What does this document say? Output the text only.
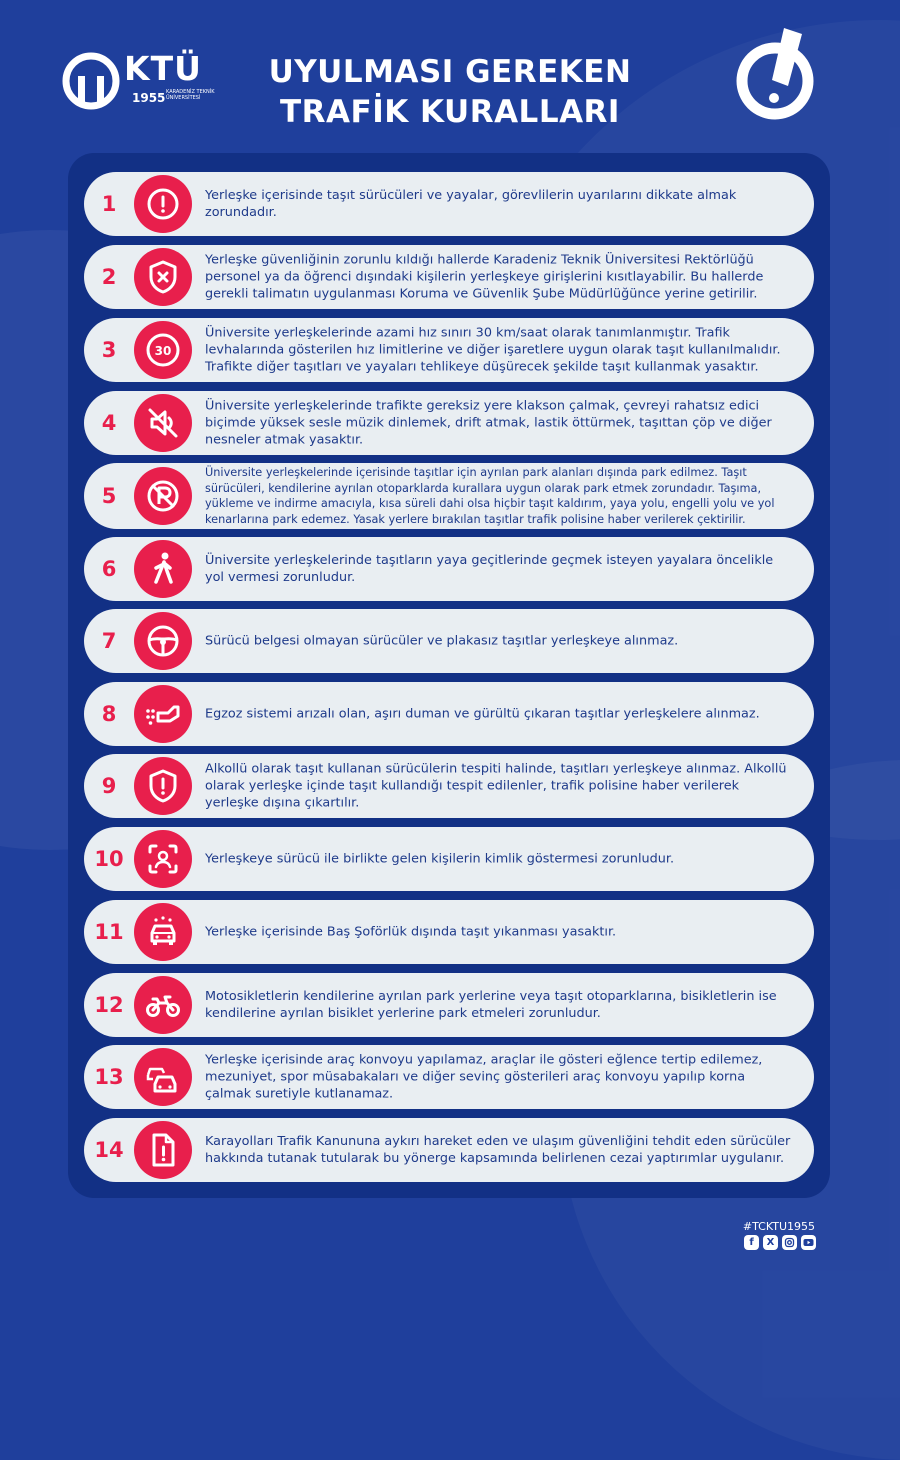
KTÜ
1955 KARADENİZ TEKNİK ÜNİVERSİTESİ
UYULMASI GEREKEN
TRAFİK KURALLARI
1	Yerleşke içerisinde taşıt sürücüleri ve yayalar, görevlilerin uyarılarını dikkate almak zorundadır.
2
Yerleşke güvenliğinin zorunlu kıldığı hallerde Karadeniz Teknik Üniversitesi Rektörlüğü personel ya da öğrenci dışındaki kişilerin yerleşkeye girişlerini kısıtlayabilir. Bu hallerde gerekli talimatın uygulanması Koruma ve Güvenlik Şube Müdürlüğünce yerine getirilir.
3	30
Üniversite yerleşkelerinde azami hız sınırı 30 km/saat olarak tanımlanmıştır. Trafik levhalarında gösterilen hız limitlerine ve diğer işaretlere uygun olarak taşıt kullanılmalıdır. Trafikte diğer taşıtları ve yayaları tehlikeye düşürecek şekilde taşıt kullanmak yasaktır.
4
Üniversite yerleşkelerinde trafikte gereksiz yere klakson çalmak, çevreyi rahatsız edici biçimde yüksek sesle müzik dinlemek, drift atmak, lastik öttürmek, taşıttan çöp ve diğer nesneler atmak yasaktır.
5
Üniversite yerleşkelerinde içerisinde taşıtlar için ayrılan park alanları dışında park edilmez. Taşıt sürücüleri, kendilerine ayrılan otoparklarda kurallara uygun olarak park etmek zorundadır. Taşıma, yükleme ve indirme amacıyla, kısa süreli dahi olsa hiçbir taşıt kaldırım, yaya yolu, engelli yolu ve yol kenarlarına park edemez. Yasak yerlere bırakılan taşıtlar trafik polisine haber verilerek çektirilir.
6	Üniversite yerleşkelerinde taşıtların yaya geçitlerinde geçmek isteyen yayalara öncelikle yol vermesi zorunludur.
7	Sürücü belgesi olmayan sürücüler ve plakasız taşıtlar yerleşkeye alınmaz.
8	Egzoz sistemi arızalı olan, aşırı duman ve gürültü çıkaran taşıtlar yerleşkelere alınmaz.
9
Alkollü olarak taşıt kullanan sürücülerin tespiti halinde, taşıtları yerleşkeye alınmaz. Alkollü olarak yerleşke içinde taşıt kullandığı tespit edilenler, trafik polisine haber verilerek yerleşke dışına çıkartılır.
10	Yerleşkeye sürücü ile birlikte gelen kişilerin kimlik göstermesi zorunludur.
11	Yerleşke içerisinde Baş Şoförlük dışında taşıt yıkanması yasaktır.
12	Motosikletlerin kendilerine ayrılan park yerlerine veya taşıt otoparklarına, bisikletlerin ise kendilerine ayrılan bisiklet yerlerine park etmeleri zorunludur.
13
Yerleşke içerisinde araç konvoyu yapılamaz, araçlar ile gösteri eğlence tertip edilemez, mezuniyet, spor müsabakaları ve diğer sevinç gösterileri araç konvoyu yapılıp korna çalmak suretiyle kutlanamaz.
14	Karayolları Trafik Kanununa aykırı hareket eden ve ulaşım güvenliğini tehdit eden sürücüler hakkında tutanak tutularak bu yönerge kapsamında belirlenen cezai yaptırımlar uygulanır.
#TCKTU1955
f	X
